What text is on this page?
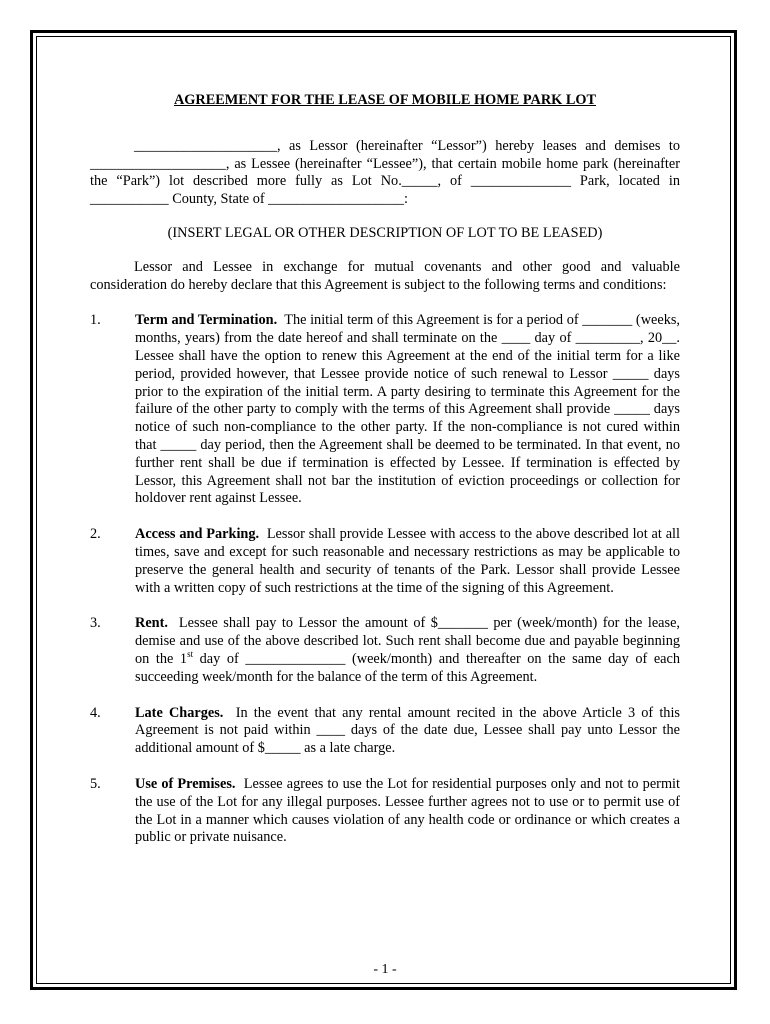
AGREEMENT FOR THE LEASE OF MOBILE HOME PARK LOT

____________________, as Lessor (hereinafter “Lessor”) hereby leases and demises to ___________________, as Lessee (hereinafter “Lessee”), that certain mobile home park (hereinafter the “Park”) lot described more fully as Lot No._____, of ______________ Park, located in ___________ County, State of ___________________:

(INSERT LEGAL OR OTHER DESCRIPTION OF LOT TO BE LEASED)

Lessor and Lessee in exchange for mutual covenants and other good and valuable consideration do hereby declare that this Agreement is subject to the following terms and conditions:

1.	Term and Termination. The initial term of this Agreement is for a period of _______ (weeks, months, years) from the date hereof and shall terminate on the ____ day of _________, 20__. Lessee shall have the option to renew this Agreement at the end of the initial term for a like period, provided however, that Lessee provide notice of such renewal to Lessor _____ days prior to the expiration of the initial term. A party desiring to terminate this Agreement for the failure of the other party to comply with the terms of this Agreement shall provide _____ days notice of such non-compliance to the other party. If the non-compliance is not cured within that _____ day period, then the Agreement shall be deemed to be terminated. In that event, no further rent shall be due if termination is effected by Lessee. If termination is effected by Lessor, this Agreement shall not bar the institution of eviction proceedings or collection for holdover rent against Lessee.
2.	Access and Parking. Lessor shall provide Lessee with access to the above described lot at all times, save and except for such reasonable and necessary restrictions as may be applicable to preserve the general health and security of tenants of the Park. Lessor shall provide Lessee with a written copy of such restrictions at the time of the signing of this Agreement.
3.	Rent. Lessee shall pay to Lessor the amount of $_______ per (week/month) for the lease, demise and use of the above described lot. Such rent shall become due and payable beginning on the 1st day of ______________ (week/month) and thereafter on the same day of each succeeding week/month for the balance of the term of this Agreement.
4.	Late Charges. In the event that any rental amount recited in the above Article 3 of this Agreement is not paid within ____ days of the date due, Lessee shall pay unto Lessor the additional amount of $_____ as a late charge.
5.	Use of Premises. Lessee agrees to use the Lot for residential purposes only and not to permit the use of the Lot for any illegal purposes. Lessee further agrees not to use or to permit use of the Lot in a manner which causes violation of any health code or ordinance or which creates a public or private nuisance.
- 1 -
